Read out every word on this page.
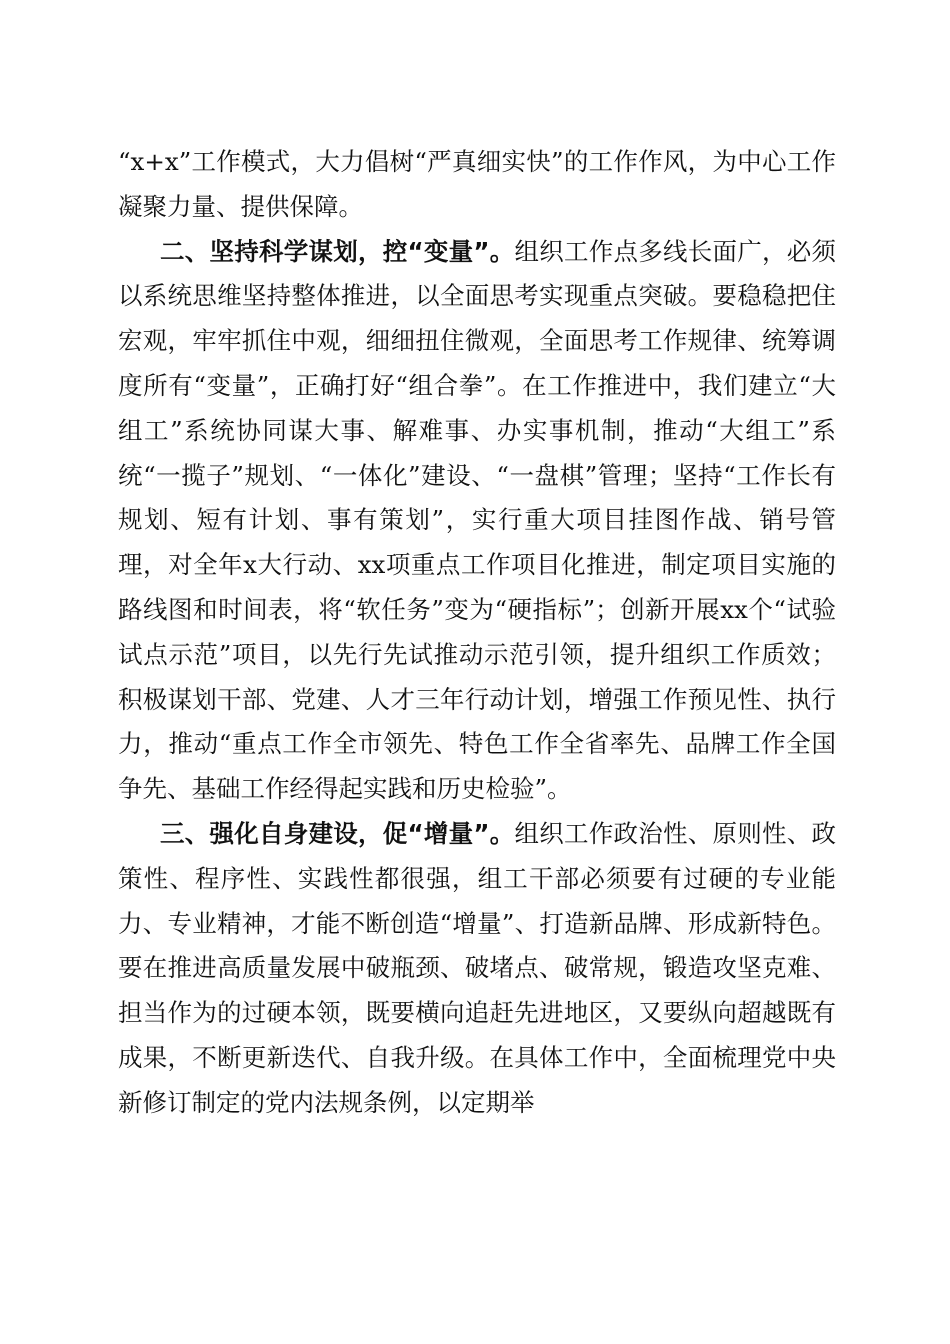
“x+x”工作模式，大力倡树“严真细实快”的工作作风，为中心工作凝聚力量、提供保障。

二、坚持科学谋划，控“变量”。组织工作点多线长面广，必须以系统思维坚持整体推进，以全面思考实现重点突破。要稳稳把住宏观，牢牢抓住中观，细细扭住微观，全面思考工作规律、统筹调度所有“变量”，正确打好“组合拳”。在工作推进中，我们建立“大组工”系统协同谋大事、解难事、办实事机制，推动“大组工”系统“一揽子”规划、“一体化”建设、“一盘棋”管理；坚持“工作长有规划、短有计划、事有策划”，实行重大项目挂图作战、销号管理，对全年x大行动、xx项重点工作项目化推进，制定项目实施的路线图和时间表，将“软任务”变为“硬指标”；创新开展xx个“试验试点示范”项目，以先行先试推动示范引领，提升组织工作质效；积极谋划干部、党建、人才三年行动计划，增强工作预见性、执行力，推动“重点工作全市领先、特色工作全省率先、品牌工作全国争先、基础工作经得起实践和历史检验”。

三、强化自身建设，促“增量”。组织工作政治性、原则性、政策性、程序性、实践性都很强，组工干部必须要有过硬的专业能力、专业精神，才能不断创造“增量”、打造新品牌、形成新特色。要在推进高质量发展中破瓶颈、破堵点、破常规，锻造攻坚克难、担当作为的过硬本领，既要横向追赶先进地区，又要纵向超越既有成果，不断更新迭代、自我升级。在具体工作中，全面梳理党中央新修订制定的党内法规条例，以定期举
